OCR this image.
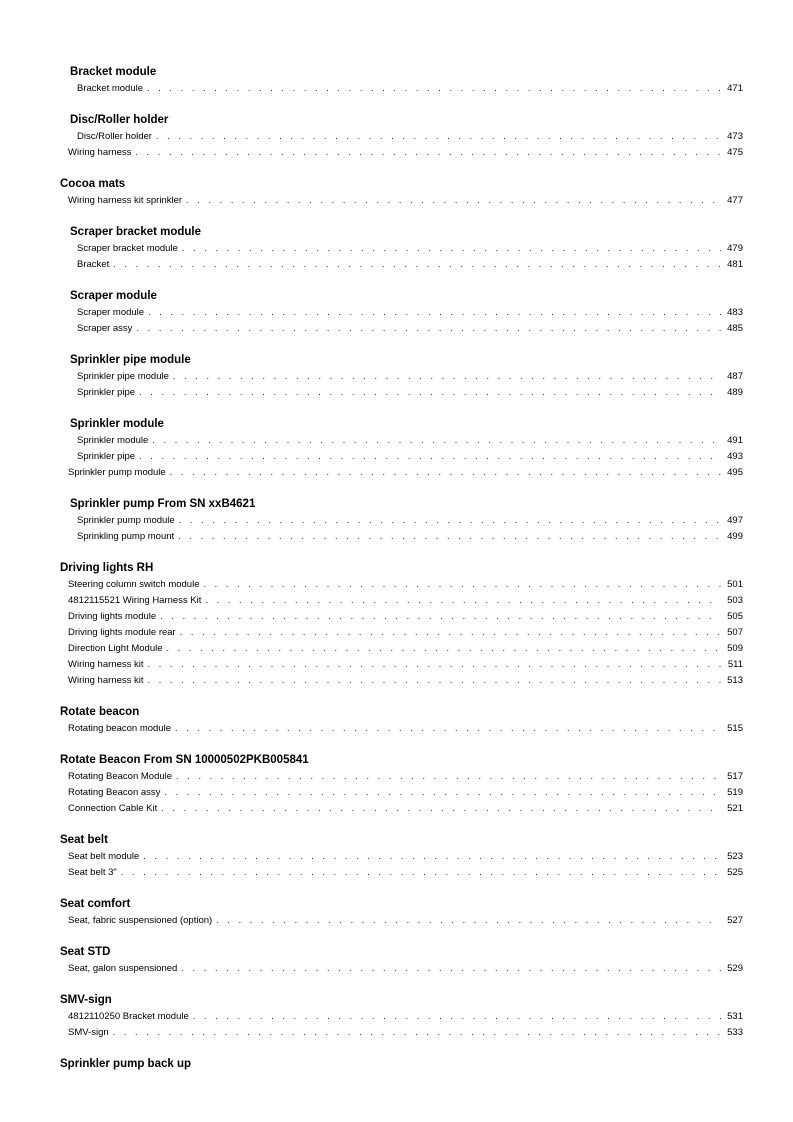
Bracket module
Bracket module . . .	471
Disc/Roller holder
Disc/Roller holder . . .	473
Wiring harness . . .	475
Cocoa mats
Wiring harness kit sprinkler . . .	477
Scraper bracket module
Scraper bracket module . . .	479
Bracket . . .	481
Scraper module
Scraper module . . .	483
Scraper assy . . .	485
Sprinkler pipe module
Sprinkler pipe module . . .	487
Sprinkler pipe . . .	489
Sprinkler module
Sprinkler module . . .	491
Sprinkler pipe . . .	493
Sprinkler pump module . . .	495
Sprinkler pump From SN xxB4621
Sprinkler pump module . . .	497
Sprinkling pump mount . . .	499
Driving lights RH
Steering column switch module . . .	501
4812115521 Wiring Harness Kit . . .	503
Driving lights module . . .	505
Driving lights module rear . . .	507
Direction Light Module . . .	509
Wiring harness kit . . .	511
Wiring harness kit . . .	513
Rotate beacon
Rotating beacon module . . .	515
Rotate Beacon From SN 10000502PKB005841
Rotating Beacon Module . . .	517
Rotating Beacon assy . . .	519
Connection Cable Kit . . .	521
Seat belt
Seat belt module . . .	523
Seat belt 3" . . .	525
Seat comfort
Seat, fabric suspensioned (option) . . .	527
Seat STD
Seat, galon suspensioned . . .	529
SMV-sign
4812110250 Bracket module . . .	531
SMV-sign . . .	533
Sprinkler pump back up
